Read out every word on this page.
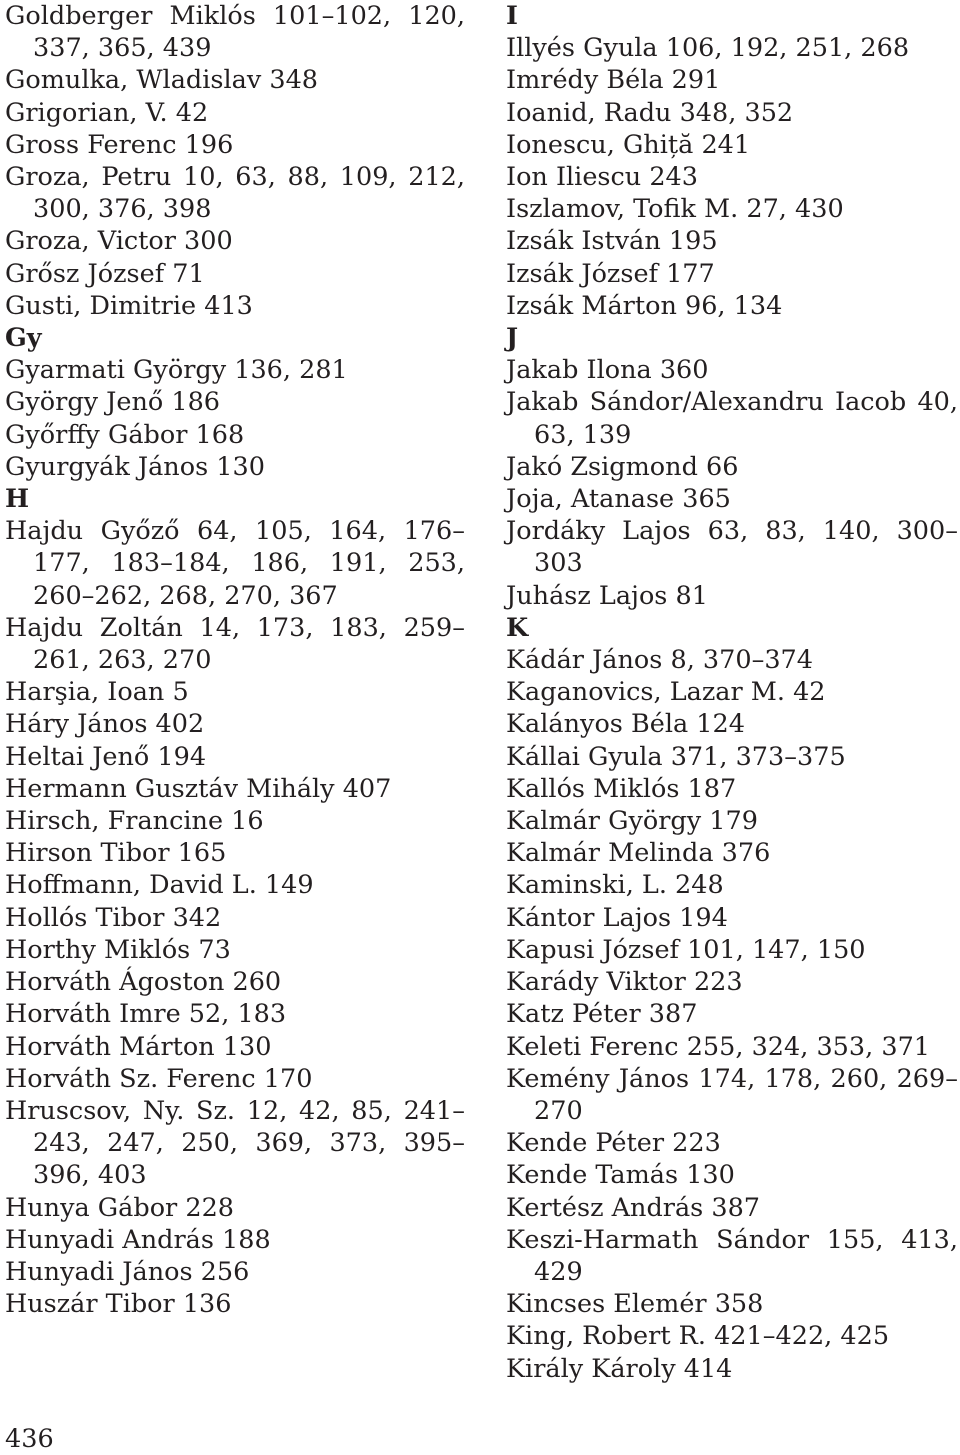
Goldberger Miklós 101–102, 120, 337, 365, 439
Gomulka, Wladislav 348
Grigorian, V. 42
Gross Ferenc 196
Groza, Petru 10, 63, 88, 109, 212, 300, 376, 398
Groza, Victor 300
Grősz József 71
Gusti, Dimitrie 413
Gy
Gyarmati György 136, 281
György Jenő 186
Győrffy Gábor 168
Gyurgyák János 130
H
Hajdu Győző 64, 105, 164, 176–177, 183–184, 186, 191, 253, 260–262, 268, 270, 367
Hajdu Zoltán 14, 173, 183, 259–261, 263, 270
Harşia, Ioan 5
Háry János 402
Heltai Jenő 194
Hermann Gusztáv Mihály 407
Hirsch, Francine 16
Hirson Tibor 165
Hoffmann, David L. 149
Hollós Tibor 342
Horthy Miklós 73
Horváth Ágoston 260
Horváth Imre 52, 183
Horváth Márton 130
Horváth Sz. Ferenc 170
Hruscsov, Ny. Sz. 12, 42, 85, 241–243, 247, 250, 369, 373, 395–396, 403
Hunya Gábor 228
Hunyadi András 188
Hunyadi János 256
Huszár Tibor 136
I
Illyés Gyula 106, 192, 251, 268
Imrédy Béla 291
Ioanid, Radu 348, 352
Ionescu, Ghiță 241
Ion Iliescu 243
Iszlamov, Tofik M. 27, 430
Izsák István 195
Izsák József 177
Izsák Márton 96, 134
J
Jakab Ilona 360
Jakab Sándor/Alexandru Iacob 40, 63, 139
Jakó Zsigmond 66
Joja, Atanase 365
Jordáky Lajos 63, 83, 140, 300–303
Juhász Lajos 81
K
Kádár János 8, 370–374
Kaganovics, Lazar M. 42
Kalányos Béla 124
Kállai Gyula 371, 373–375
Kallós Miklós 187
Kalmár György 179
Kalmár Melinda 376
Kaminski, L. 248
Kántor Lajos 194
Kapusi József 101, 147, 150
Karády Viktor 223
Katz Péter 387
Keleti Ferenc 255, 324, 353, 371
Kemény János 174, 178, 260, 269–270
Kende Péter 223
Kende Tamás 130
Kertész András 387
Keszi-Harmath Sándor 155, 413, 429
Kincses Elemér 358
King, Robert R. 421–422, 425
Király Károly 414
436
